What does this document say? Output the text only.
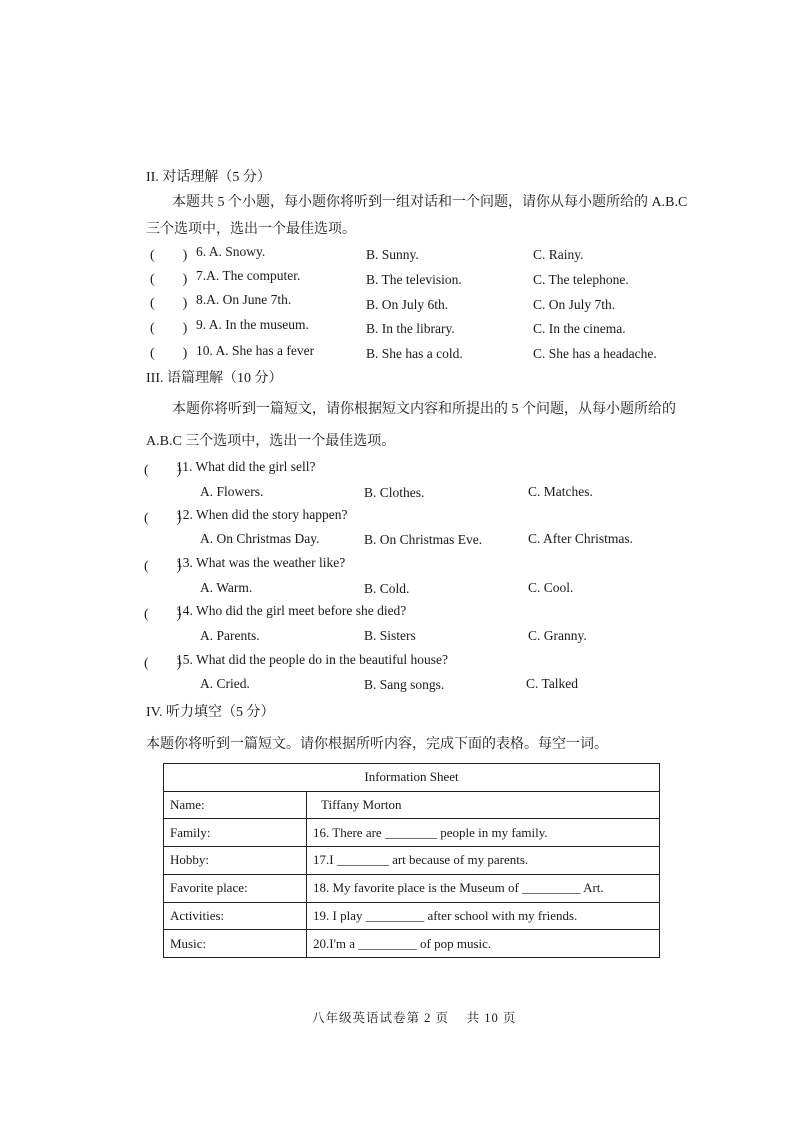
II. 对话理解（5 分）
本题共 5 个小题，每小题你将听到一组对话和一个问题，请你从每小题所给的 A.B.C
三个选项中，选出一个最佳选项。
(　　) 6. A. Snowy.	B. Sunny.	C. Rainy.
(　　) 7.A. The computer.	B. The television.	C. The telephone.
(　　) 8.A. On June 7th.	B. On July 6th.	C. On July 7th.
(　　) 9. A. In the museum.	B. In the library.	C. In the cinema.
(　　) 10. A. She has a fever	B. She has a cold.	C. She has a headache.
III. 语篇理解（10 分）
本题你将听到一篇短文，请你根据短文内容和所提出的 5 个问题，从每小题所给的
A.B.C 三个选项中，选出一个最佳选项。
(　　)
11. What did the girl sell?
A. Flowers.	B. Clothes.	C. Matches.
(　　)
12. When did the story happen?
A. On Christmas Day.	B. On Christmas Eve.	C. After Christmas.
(　　)
13. What was the weather like?
A. Warm.	B. Cold.	C. Cool.
(　　)
14. Who did the girl meet before she died?
A. Parents.	B. Sisters	C. Granny.
(　　)
15. What did the people do in the beautiful house?
A. Cried.	B. Sang songs.	C. Talked
IV. 听力填空（5 分）
本题你将听到一篇短文。请你根据所听内容，完成下面的表格。每空一词。
Information Sheet	
Name:	Tiffany Morton
Family:	16. There are ________ people in my family.
Hobby:	17.I ________ art because of my parents.
Favorite place:	18. My favorite place is the Museum of _________ Art.
Activities:	19. I play _________ after school with my friends.
Music:	20.I'm a _________ of pop music.
八年级英语试卷第 2 页　 共 10 页
